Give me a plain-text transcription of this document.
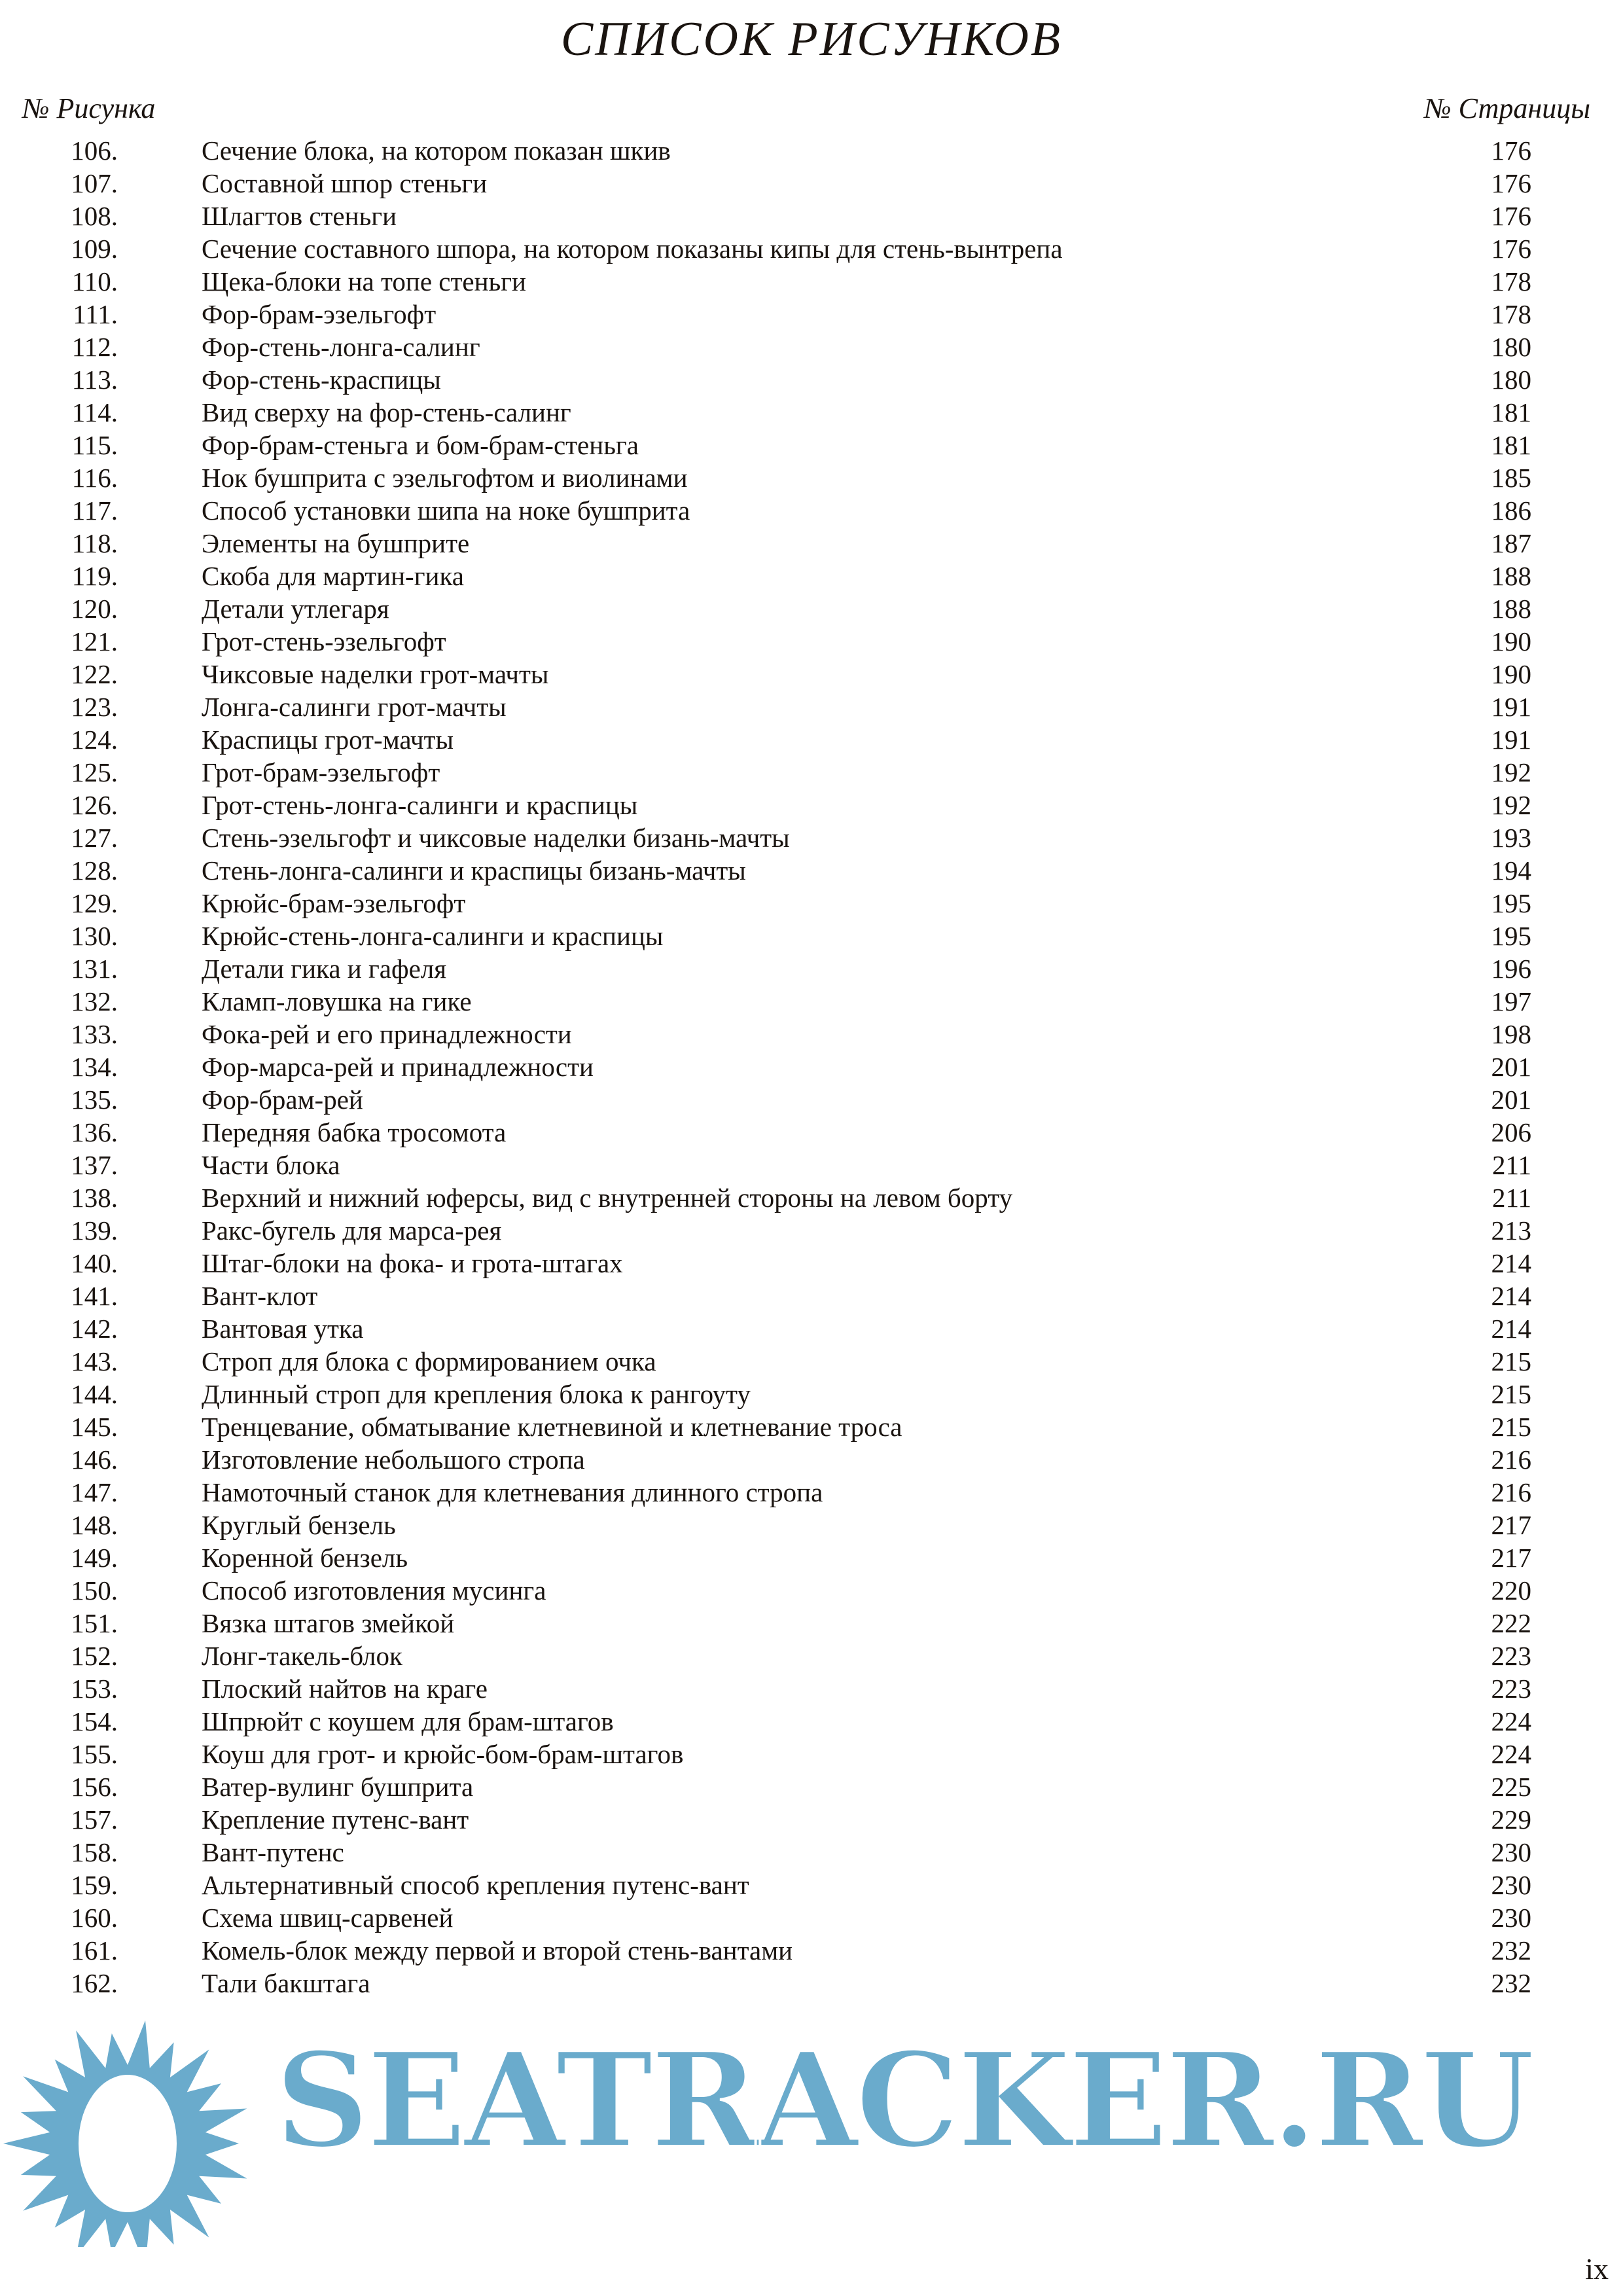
СПИСОК РИСУНКОВ
№ Рисунка	№ Страницы
106.	Сечение блока, на котором показан шкив	176
107.	Составной шпор стеньги	176
108.	Шлагтов стеньги	176
109.	Сечение составного шпора, на котором показаны кипы для стень-вынтрепа	176
110.	Щека-блоки на топе стеньги	178
111.	Фор-брам-эзельгофт	178
112.	Фор-стень-лонга-салинг	180
113.	Фор-стень-краспицы	180
114.	Вид сверху на фор-стень-салинг	181
115.	Фор-брам-стеньга и бом-брам-стеньга	181
116.	Нок бушприта с эзельгофтом и виолинами	185
117.	Способ установки шипа на ноке бушприта	186
118.	Элементы на бушприте	187
119.	Скоба для мартин-гика	188
120.	Детали утлегаря	188
121.	Грот-стень-эзельгофт	190
122.	Чиксовые наделки грот-мачты	190
123.	Лонга-салинги грот-мачты	191
124.	Краспицы грот-мачты	191
125.	Грот-брам-эзельгофт	192
126.	Грот-стень-лонга-салинги и краспицы	192
127.	Стень-эзельгофт и чиксовые наделки бизань-мачты	193
128.	Стень-лонга-салинги и краспицы бизань-мачты	194
129.	Крюйс-брам-эзельгофт	195
130.	Крюйс-стень-лонга-салинги и краспицы	195
131.	Детали гика и гафеля	196
132.	Кламп-ловушка на гике	197
133.	Фока-рей и его принадлежности	198
134.	Фор-марса-рей и принадлежности	201
135.	Фор-брам-рей	201
136.	Передняя бабка тросомота	206
137.	Части блока	211
138.	Верхний и нижний юферсы, вид с внутренней стороны на левом борту	211
139.	Ракс-бугель для марса-рея	213
140.	Штаг-блоки на фока- и грота-штагах	214
141.	Вант-клот	214
142.	Вантовая утка	214
143.	Строп для блока с формированием очка	215
144.	Длинный строп для крепления блока к рангоуту	215
145.	Тренцевание, обматывание клетневиной и клетневание троса	215
146.	Изготовление небольшого стропа	216
147.	Намоточный станок для клетневания длинного стропа	216
148.	Круглый бензель	217
149.	Коренной бензель	217
150.	Способ изготовления мусинга	220
151.	Вязка штагов змейкой	222
152.	Лонг-такель-блок	223
153.	Плоский найтов на краге	223
154.	Шпрюйт с коушем для брам-штагов	224
155.	Коуш для грот- и крюйс-бом-брам-штагов	224
156.	Ватер-вулинг бушприта	225
157.	Крепление путенс-вант	229
158.	Вант-путенс	230
159.	Альтернативный способ крепления путенс-вант	230
160.	Схема швиц-сарвеней	230
161.	Комель-блок между первой и второй стень-вантами	232
162.	Тали бакштага	232
SEATRACKER.RU
ix
